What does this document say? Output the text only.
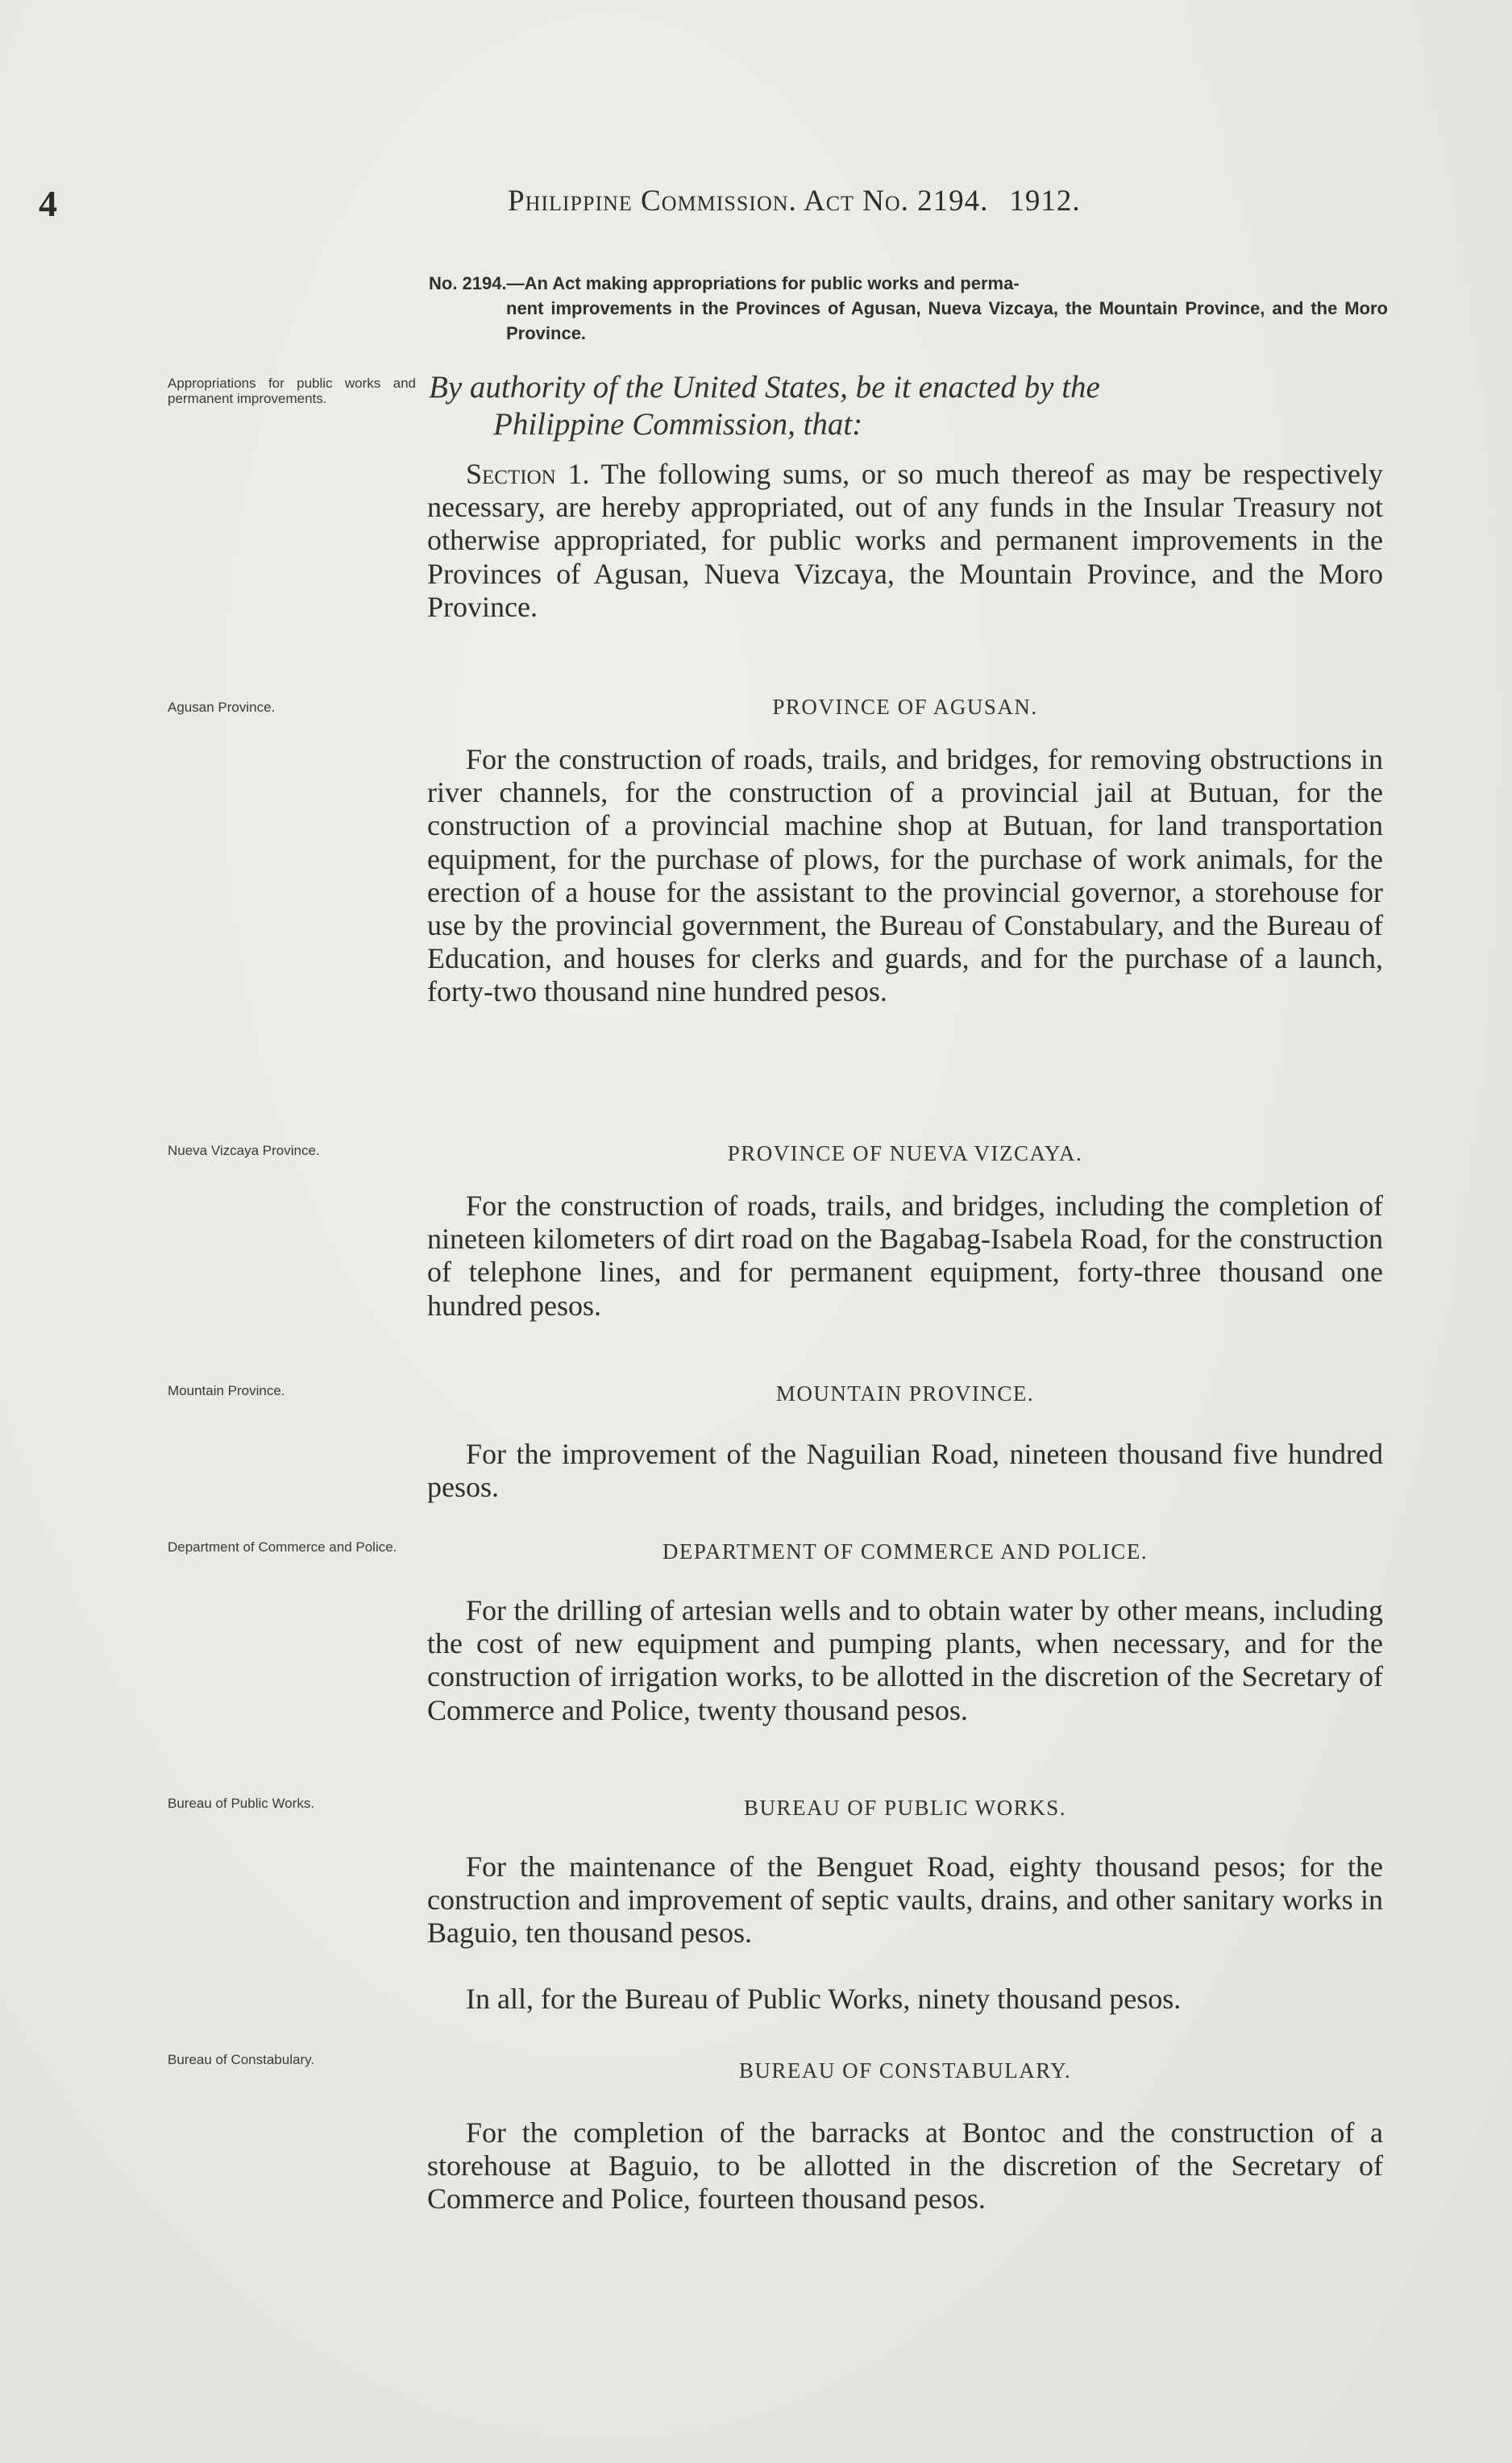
4	Philippine Commission. Act No. 2194. 1912.
No. 2194.—An Act making appropriations for public works and perma-
nent improvements in the Provinces of Agusan, Nueva Vizcaya, the Mountain Province, and the Moro Province.
Appropriations for public works and permanent improvements.	By authority of the United States, be it enacted by the
Philippine Commission, that:
Section 1. The following sums, or so much thereof as may be respectively necessary, are hereby appropriated, out of any funds in the Insular Treasury not otherwise appropriated, for public works and permanent improvements in the Provinces of Agusan, Nueva Vizcaya, the Mountain Province, and the Moro Province.
Agusan Province.	PROVINCE OF AGUSAN.
For the construction of roads, trails, and bridges, for removing obstructions in river channels, for the construction of a provincial jail at Butuan, for the construction of a provincial machine shop at Butuan, for land transportation equipment, for the purchase of plows, for the purchase of work animals, for the erection of a house for the assistant to the provincial governor, a storehouse for use by the provincial government, the Bureau of Constabulary, and the Bureau of Education, and houses for clerks and guards, and for the purchase of a launch, forty-two thousand nine hundred pesos.
Nueva Vizcaya Province.	PROVINCE OF NUEVA VIZCAYA.
For the construction of roads, trails, and bridges, including the completion of nineteen kilometers of dirt road on the Bagabag-Isabela Road, for the construction of telephone lines, and for permanent equipment, forty-three thousand one hundred pesos.
Mountain Province.	MOUNTAIN PROVINCE.
For the improvement of the Naguilian Road, nineteen thousand five hundred pesos.
Department of Commerce and Police.	DEPARTMENT OF COMMERCE AND POLICE.
For the drilling of artesian wells and to obtain water by other means, including the cost of new equipment and pumping plants, when necessary, and for the construction of irrigation works, to be allotted in the discretion of the Secretary of Commerce and Police, twenty thousand pesos.
Bureau of Public Works.	BUREAU OF PUBLIC WORKS.
For the maintenance of the Benguet Road, eighty thousand pesos; for the construction and improvement of septic vaults, drains, and other sanitary works in Baguio, ten thousand pesos.
In all, for the Bureau of Public Works, ninety thousand pesos.
Bureau of Constabulary.	BUREAU OF CONSTABULARY.
For the completion of the barracks at Bontoc and the construction of a storehouse at Baguio, to be allotted in the discretion of the Secretary of Commerce and Police, fourteen thousand pesos.
